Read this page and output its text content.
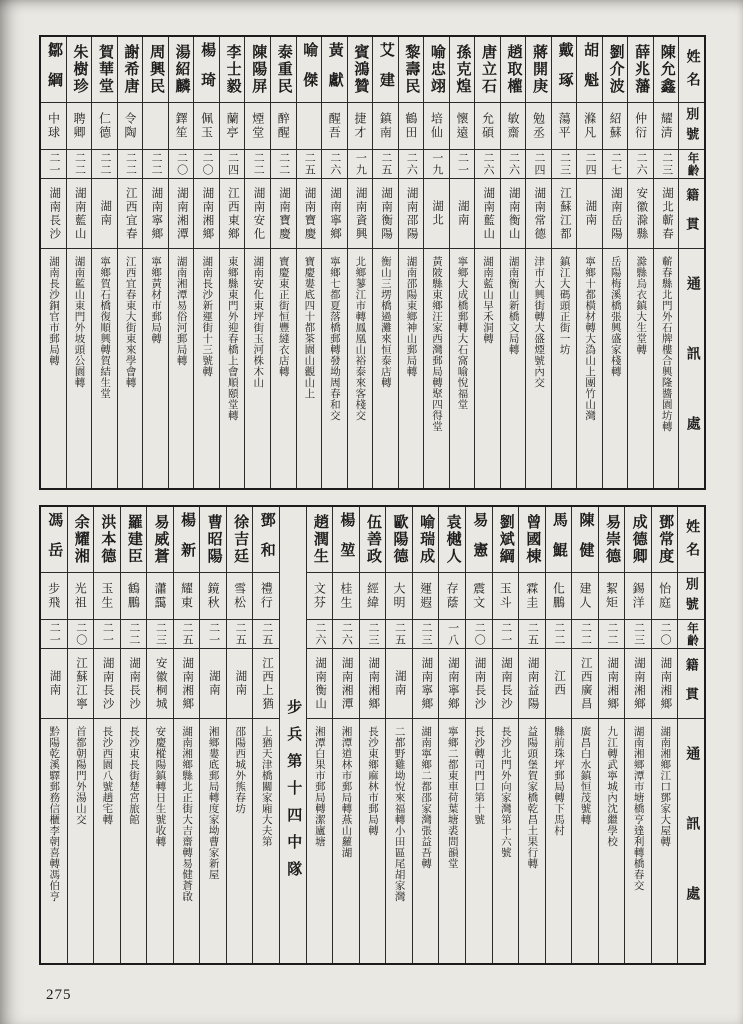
姓名
別號
年齡
籍貫
通訊處
陳允鑫
耀清
二三
湖北蘄春
蘄春縣北門外石牌樓合興隆醬園坊轉
薛兆藩
仲衍
二六
安徽滁縣
滁縣烏衣鎮大生堂轉
劉介波
紹蘇
二七
湖南岳陽
岳陽梅溪橋張興盛家棧轉
胡魁
滌凡
二四
湖南
寧鄉十都橫材轉大溈山上團竹山灣
戴琢
蕩平
二三
江蘇江都
鎮江大碼頭正街一坊
蔣開庚
勉丞
二四
湖南常德
津市大興街轉大盛煙號內交
趙取權
敏齋
二六
湖南衡山
湖南衡山新橋文局轉
唐立石
允碩
二六
湖南藍山
湖南藍山早禾洞轉
孫克煌
懷遠
二一
湖南
寧鄉大成橋郵轉大石窩喻悅福堂
喻忠翊
培仙
一九
湖北
黃陂縣東鄉汪家西灣郵局轉聚四得堂
黎壽民
鶴田
二六
湖南邵陽
湖南邵陽東鄉神山郵局轉
艾建
鎮南
二五
湖南衡陽
衡山三塄橋過灘來恒泰店轉
賓鴻贊
捷才
一九
湖南資興
北鄉蓼江市轉鳳凰山裕泰來客棧交
黃獻
醒吾
二六
湖南寧鄉
寧鄉七都夏落橋郵轉發坳周春和交
喻傑
二五
湖南寶慶
寶慶婁底四十都茶園山觀山上
泰重民
醉醒
二二
湖南寶慶
寶慶東正街恒豐縫衣店轉
陳陽屏
煙堂
二二
湖南安化
湖南安化東坪街玉河株木山
李士毅
蘭亭
二四
江西東鄉
東鄉縣東門外迎春橋上會順頤堂轉
楊琦
佩玉
二〇
湖南湘鄉
湖南長沙新運街十三號轉
湯紹麟
鐸笙
二〇
湖南湘潭
湖南湘潭易俗河郵局轉
周興民
二二
湖南寧鄉
寧鄉黃材市郵局轉
謝希唐
令陶
二二
江西宜春
江西宜春東大街東來學會轉
賀華堂
仁德
二二
湖南
寧鄉賀石橋復順興轉賀結生堂
朱樹珍
聘卿
二二
湖南藍山
湖南藍山東門外坡頭公園轉
鄒綱
中球
二一
湖南長沙
湖南長沙銅官市郵局轉
姓名
別號
年齡
籍貫
通訊處
鄧常度
怡庭
二〇
湖南湘鄉
湖南湘鄉江口鄧家大屋轉
成德卿
錫洋
二三
湖南湘鄉
湖南湘鄉潭市塘橋亨達利轉橋春交
易崇德
絜矩
二二
湖南湘鄉
九江轉武寧城內沈繼學校
陳健
建人
二二
江西廣昌
廣昌白水鎮恒茂號轉
馬鯤
化鵬
二二
江西
縣前珠坪郵局轉下馬村
曾國棟
霖圭
二五
湖南益陽
益陽頭堡賀家橋乾昌土果行轉
劉斌綱
玉斗
二一
湖南長沙
長沙北門外向家灣第十六號
易憲
震文
二〇
湖南長沙
長沙轉司門口第十號
袁樾人
存蔭
一八
湖南寧鄉
寧鄉二都東車荷葉塘裘問韻堂
喻瑞成
運遐
二三
湖南寧鄉
湖南寧鄉二都邵家灣張益吾轉
歐陽德
大明
二五
湖南
二都野雞坳悅來福轉小田區尾胡家灣
伍善政
經緯
二三
湖南湘鄉
長沙東鄉麻林市郵局轉
楊堃
桂生
二六
湖南湘潭
湘潭道林市郵局轉燕山蘿湖
趙潤生
文芬
二六
湖南衡山
湘潭白果市郵局轉潔廬塘
步兵第十四中隊
鄧和
禮行
二五
江西上猶
上猶天津橋關家廂大夫第
徐吉廷
雪松
二五
湖南
邵陽西城外熊春坊
曹昭陽
鏡秋
二一
湖南
湘鄉婁底郵局轉度家坳曹家新屋
楊新
耀東
二五
湖南湘鄉
湖南湘鄉縣北正街大吉齋轉易健蒼啟
易威蒼
瀟靄
二三
安徽桐城
安慶樅陽鎮轉日生號收轉
羅建臣
鶴鵬
二二
湖南長沙
長沙東長街楚宮旅館
洪本德
玉生
二一
湖南長沙
長沙西園八號趙宅轉
余耀湘
光祖
二〇
江蘇江寧
首都朝陽門外湯山交
馮岳
步飛
二一
湖南
黔陽乾溪驛郵務信櫃李朝喜轉馮伯亨
275
